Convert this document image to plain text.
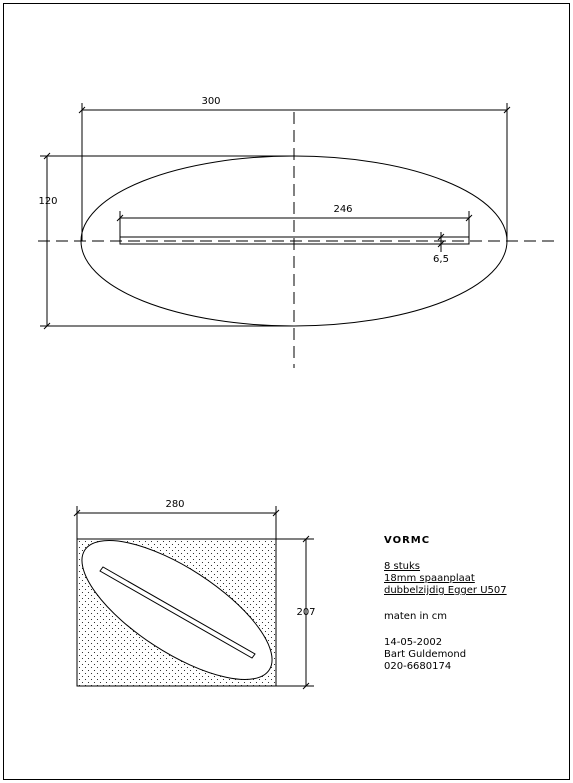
300
120
246
6,5
280
207
VORMC
8 stuks
18mm spaanplaat
dubbelzijdig Egger U507
maten in cm
14-05-2002
Bart Guldemond
020-6680174
